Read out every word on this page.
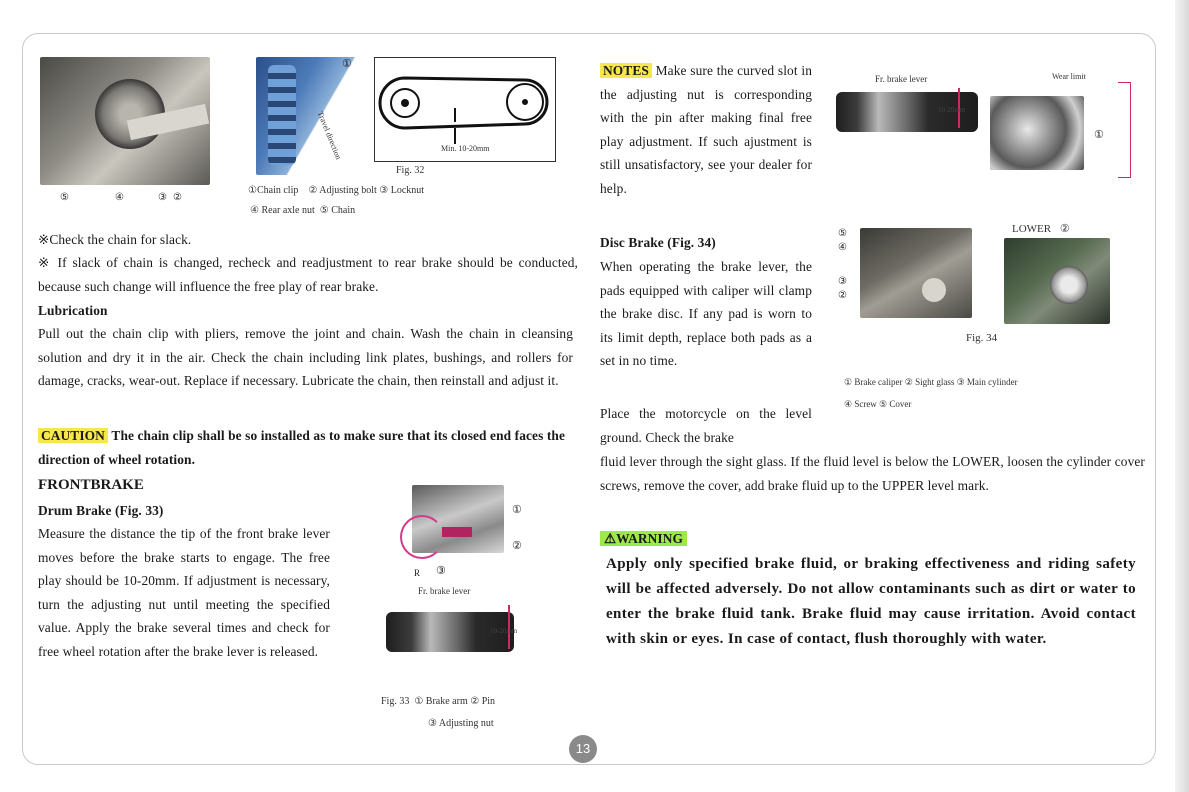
⑤	④	③ ②
①
Travel direction	Min. 10-20mm
Fig. 32
①Chain clip    ② Adjusting bolt ③ Locknut
④ Rear axle nut  ⑤ Chain
※Check the chain for slack.
※ If slack of chain is changed, recheck and readjustment to rear brake should be conducted, because such change will influence the free play of rear brake.
Lubrication
Pull out the chain clip with pliers, remove the joint and chain. Wash the chain in cleansing solution and dry it in the air. Check the chain including link plates, bushings, and rollers for damage, cracks, wear-out. Replace if necessary. Lubricate the chain, then reinstall and adjust it.
CAUTION The chain clip shall be so installed as to make sure that its closed end faces the direction of wheel rotation.
FRONTBRAKE
Drum Brake (Fig. 33)
Measure the distance the tip of the front brake lever moves before the brake starts to engage. The free play should be 10-20mm. If adjustment is necessary, turn the adjusting nut until meeting the specified value. Apply the brake several times and check for free wheel rotation after the brake lever is released.
①
②
③
R
Fr. brake lever
10-20mm
Fig. 33  ① Brake arm ② Pin
③ Adjusting nut
NOTES Make sure the curved slot in the adjusting nut is corresponding with the pin after making final free play adjustment. If such ajustment is still unsatisfactory, see your dealer for help.
Disc Brake (Fig. 34)
When operating the brake lever, the pads equipped with caliper will clamp the brake disc. If any pad is worn to its limit depth, replace both pads as a set in no time.
Place the motorcycle on the level ground. Check the brake
fluid lever through the sight glass. If the fluid level is below the LOWER, loosen the cylinder cover screws, remove the cover, add brake fluid up to the UPPER level mark.
⚠WARNING
Apply only specified brake fluid, or braking effectiveness and riding safety will be affected adversely. Do not allow contaminants such as dirt or water to enter the brake fluid tank. Brake fluid may cause irritation. Avoid contact with skin or eyes. In case of contact, flush thoroughly with water.
Fr. brake lever
10-20mm
Wear limit
①
⑤
④
③
②
LOWER ②
Fig. 34
① Brake caliper ② Sight glass ③ Main cylinder
④ Screw ⑤ Cover
13
